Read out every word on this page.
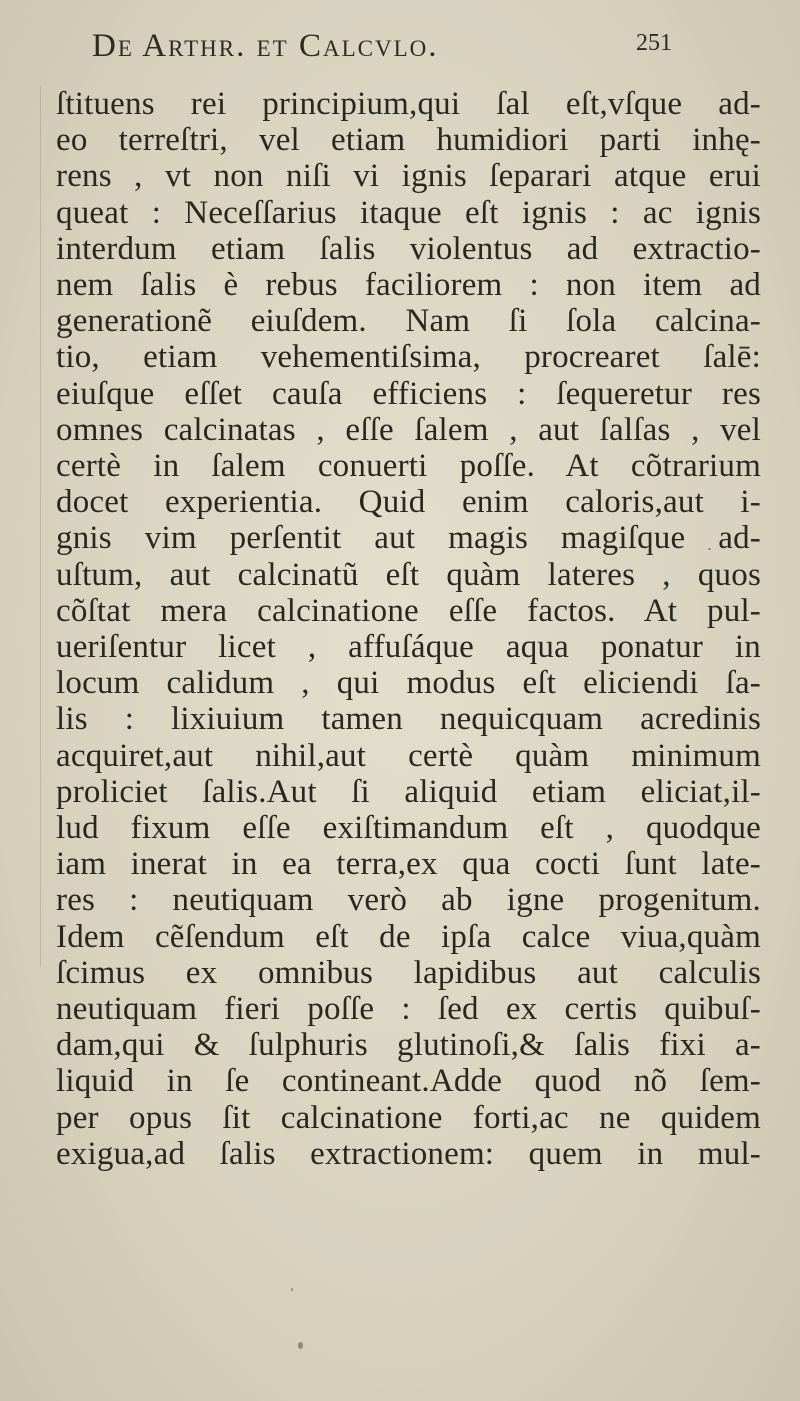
De Arthr. et Calcvlo.	251
ſtituens rei principium,qui ſal eſt,vſque ad-
eo terreſtri, vel etiam humidiori parti inhę-
rens , vt non niſi vi ignis ſeparari atque erui
queat : Neceſſarius itaque eſt ignis : ac ignis
interdum etiam ſalis violentus ad extractio-
nem ſalis è rebus faciliorem : non item ad
generationẽ eiuſdem. Nam ſi ſola calcina-
tio, etiam vehementiſsima, procrearet ſalē:
eiuſque eſſet cauſa efficiens : ſequeretur res
omnes calcinatas , eſſe ſalem , aut ſalſas , vel
certè in ſalem conuerti poſſe. At cõtrarium
docet experientia. Quid enim caloris,aut i-
gnis vim perſentit aut magis magiſque ad-
uſtum, aut calcinatũ eſt quàm lateres , quos
cõſtat mera calcinatione eſſe factos. At pul-
ueriſentur licet , affuſáque aqua ponatur in
locum calidum , qui modus eſt eliciendi ſa-
lis : lixiuium tamen nequicquam acredinis
acquiret,aut nihil,aut certè quàm minimum
proliciet ſalis.Aut ſi aliquid etiam eliciat,il-
lud fixum eſſe exiſtimandum eſt , quodque
iam inerat in ea terra,ex qua cocti ſunt late-
res : neutiquam verò ab igne progenitum.
Idem cẽſendum eſt de ipſa calce viua,quàm
ſcimus ex omnibus lapidibus aut calculis
neutiquam fieri poſſe : ſed ex certis quibuſ-
dam,qui & ſulphuris glutinoſi,& ſalis fixi a-
liquid in ſe contineant.Adde quod nõ ſem-
per opus ſit calcinatione forti,ac ne quidem
exigua,ad ſalis extractionem: quem in mul-
